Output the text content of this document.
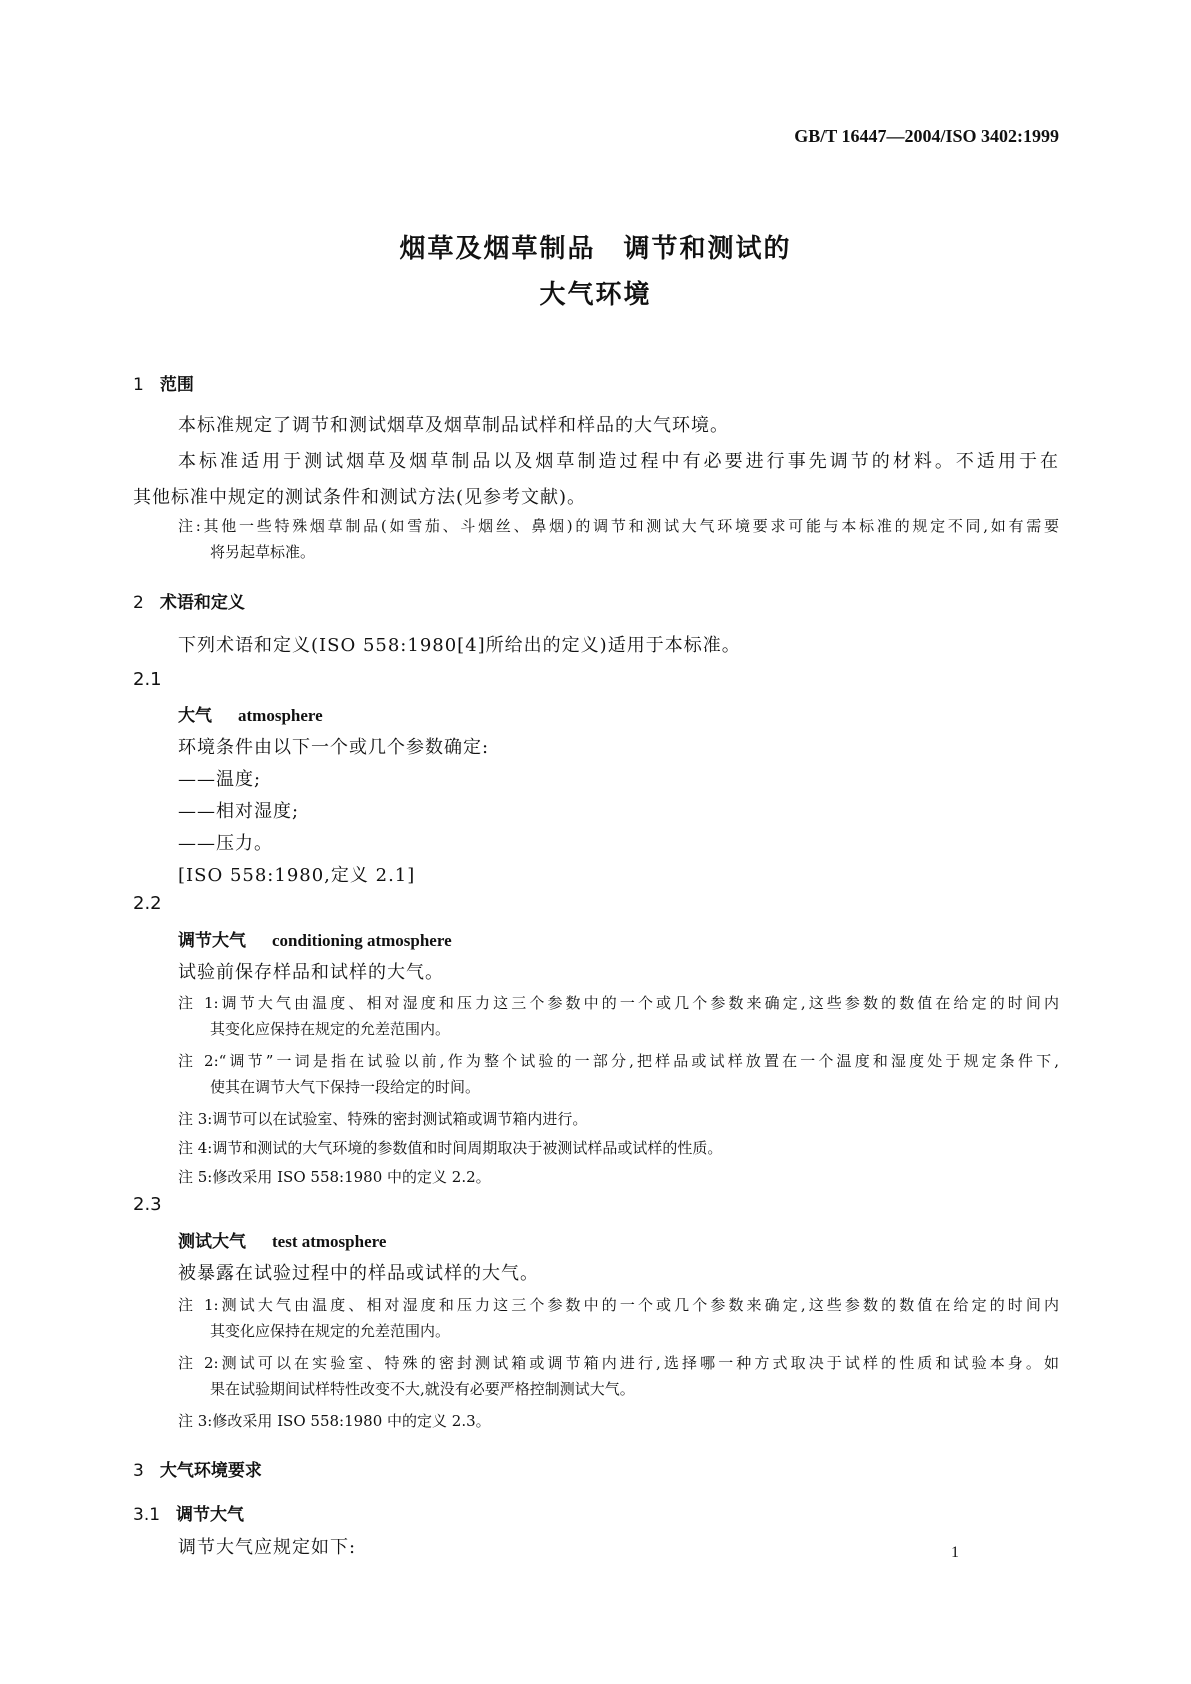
GB/T 16447—2004/ISO 3402:1999
烟草及烟草制品　调节和测试的
大气环境
1 范围
本标准规定了调节和测试烟草及烟草制品试样和样品的大气环境。
本标准适用于测试烟草及烟草制品以及烟草制造过程中有必要进行事先调节的材料。不适用于在
其他标准中规定的测试条件和测试方法(见参考文献)。
注:其他一些特殊烟草制品(如雪茄、斗烟丝、鼻烟)的调节和测试大气环境要求可能与本标准的规定不同,如有需要
将另起草标准。
2 术语和定义
下列术语和定义(ISO 558:1980[4]所给出的定义)适用于本标准。
2.1
大气 atmosphere
环境条件由以下一个或几个参数确定:
——温度;
——相对湿度;
——压力。
[ISO 558:1980,定义 2.1]
2.2
调节大气 conditioning atmosphere
试验前保存样品和试样的大气。
注 1:调节大气由温度、相对湿度和压力这三个参数中的一个或几个参数来确定,这些参数的数值在给定的时间内
其变化应保持在规定的允差范围内。
注 2:“调节”一词是指在试验以前,作为整个试验的一部分,把样品或试样放置在一个温度和湿度处于规定条件下,
使其在调节大气下保持一段给定的时间。
注 3:调节可以在试验室、特殊的密封测试箱或调节箱内进行。
注 4:调节和测试的大气环境的参数值和时间周期取决于被测试样品或试样的性质。
注 5:修改采用 ISO 558:1980 中的定义 2.2。
2.3
测试大气 test atmosphere
被暴露在试验过程中的样品或试样的大气。
注 1:测试大气由温度、相对湿度和压力这三个参数中的一个或几个参数来确定,这些参数的数值在给定的时间内
其变化应保持在规定的允差范围内。
注 2:测试可以在实验室、特殊的密封测试箱或调节箱内进行,选择哪一种方式取决于试样的性质和试验本身。如
果在试验期间试样特性改变不大,就没有必要严格控制测试大气。
注 3:修改采用 ISO 558:1980 中的定义 2.3。
3 大气环境要求
3.1 调节大气
调节大气应规定如下:	1
